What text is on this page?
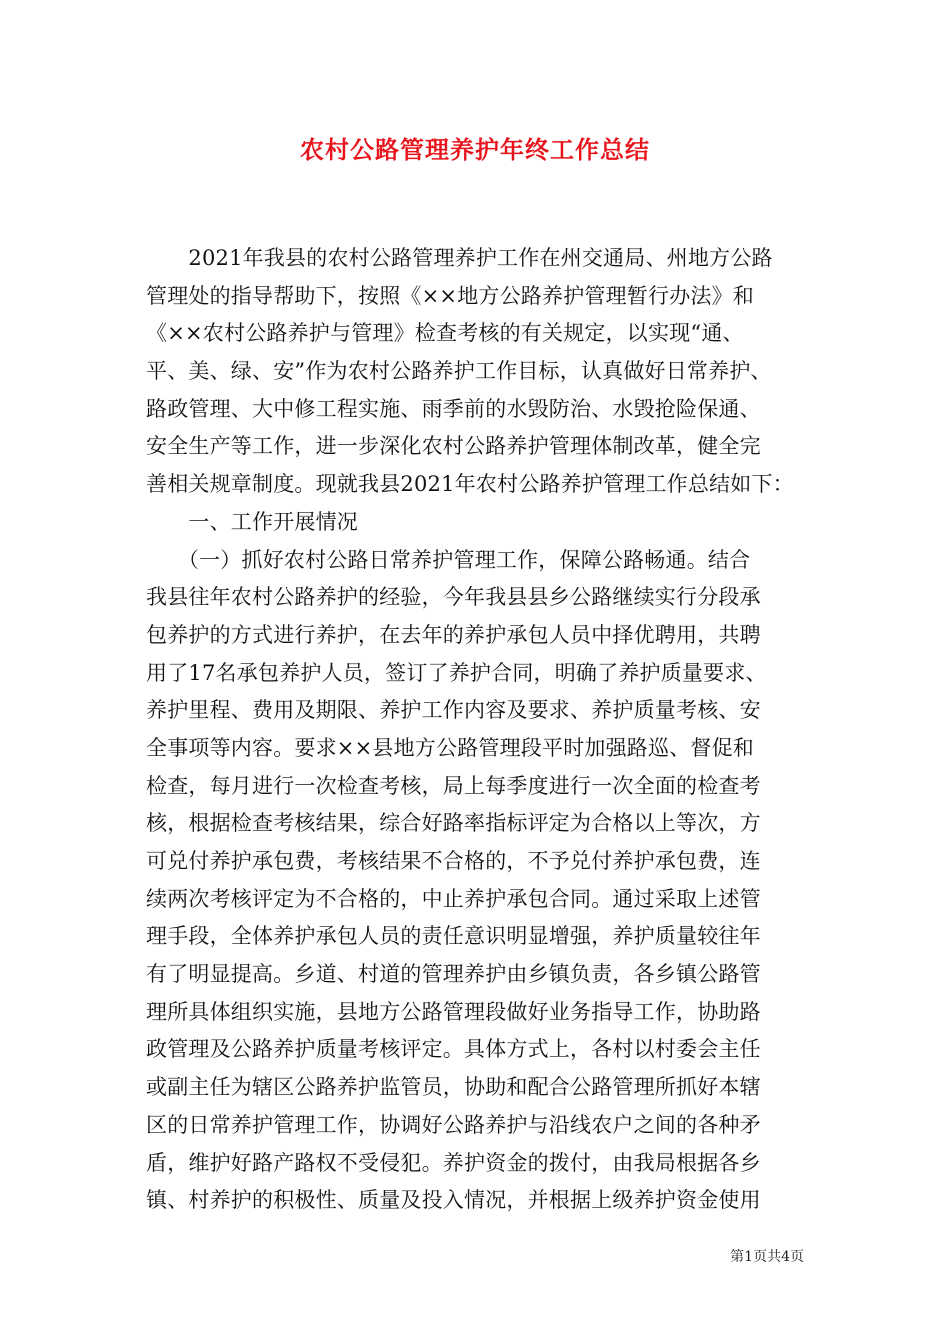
农村公路管理养护年终工作总结
　　2021年我县的农村公路管理养护工作在州交通局、州地方公路
管理处的指导帮助下，按照《××地方公路养护管理暂行办法》和
《××农村公路养护与管理》检查考核的有关规定，以实现“通、
平、美、绿、安”作为农村公路养护工作目标，认真做好日常养护、
路政管理、大中修工程实施、雨季前的水毁防治、水毁抢险保通、
安全生产等工作，进一步深化农村公路养护管理体制改革，健全完
善相关规章制度。现就我县2021年农村公路养护管理工作总结如下：
　　一、工作开展情况
　　（一）抓好农村公路日常养护管理工作，保障公路畅通。结合
我县往年农村公路养护的经验，今年我县县乡公路继续实行分段承
包养护的方式进行养护，在去年的养护承包人员中择优聘用，共聘
用了17名承包养护人员，签订了养护合同，明确了养护质量要求、
养护里程、费用及期限、养护工作内容及要求、养护质量考核、安
全事项等内容。要求××县地方公路管理段平时加强路巡、督促和
检查，每月进行一次检查考核，局上每季度进行一次全面的检查考
核，根据检查考核结果，综合好路率指标评定为合格以上等次，方
可兑付养护承包费，考核结果不合格的，不予兑付养护承包费，连
续两次考核评定为不合格的，中止养护承包合同。通过采取上述管
理手段，全体养护承包人员的责任意识明显增强，养护质量较往年
有了明显提高。乡道、村道的管理养护由乡镇负责，各乡镇公路管
理所具体组织实施，县地方公路管理段做好业务指导工作，协助路
政管理及公路养护质量考核评定。具体方式上，各村以村委会主任
或副主任为辖区公路养护监管员，协助和配合公路管理所抓好本辖
区的日常养护管理工作，协调好公路养护与沿线农户之间的各种矛
盾，维护好路产路权不受侵犯。养护资金的拨付，由我局根据各乡
镇、村养护的积极性、质量及投入情况，并根据上级养护资金使用
第1页共4页
